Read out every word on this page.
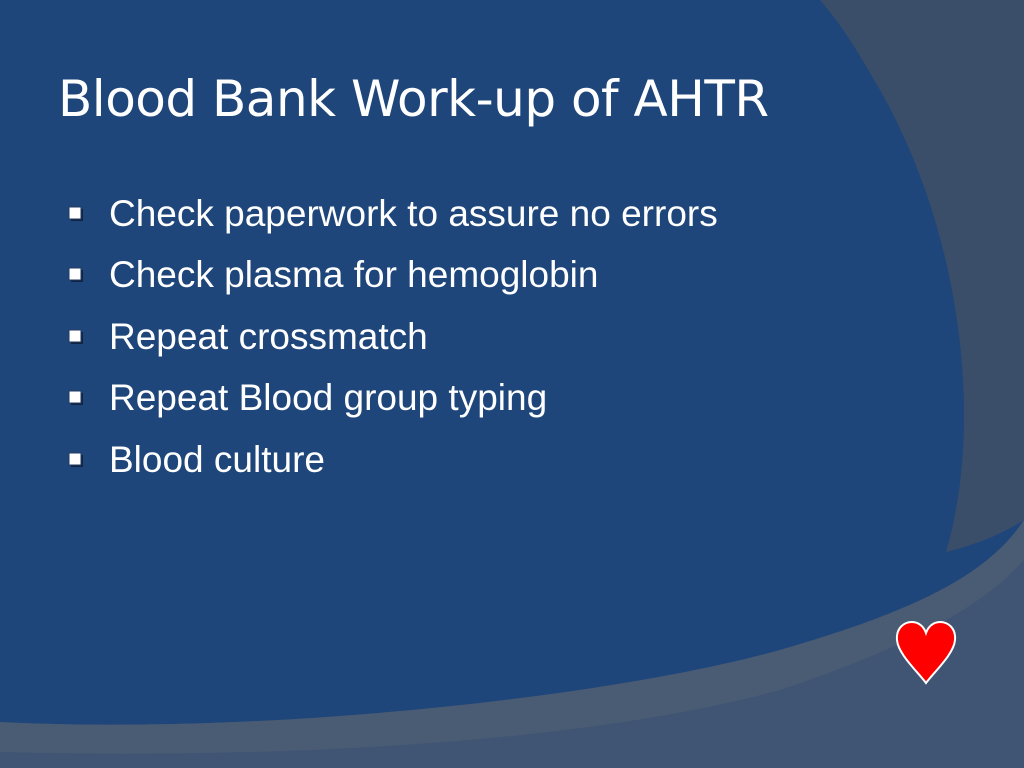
Blood Bank Work-up of AHTR
Check paperwork to assure no errors
Check plasma for hemoglobin
Repeat crossmatch
Repeat Blood group typing
Blood culture
